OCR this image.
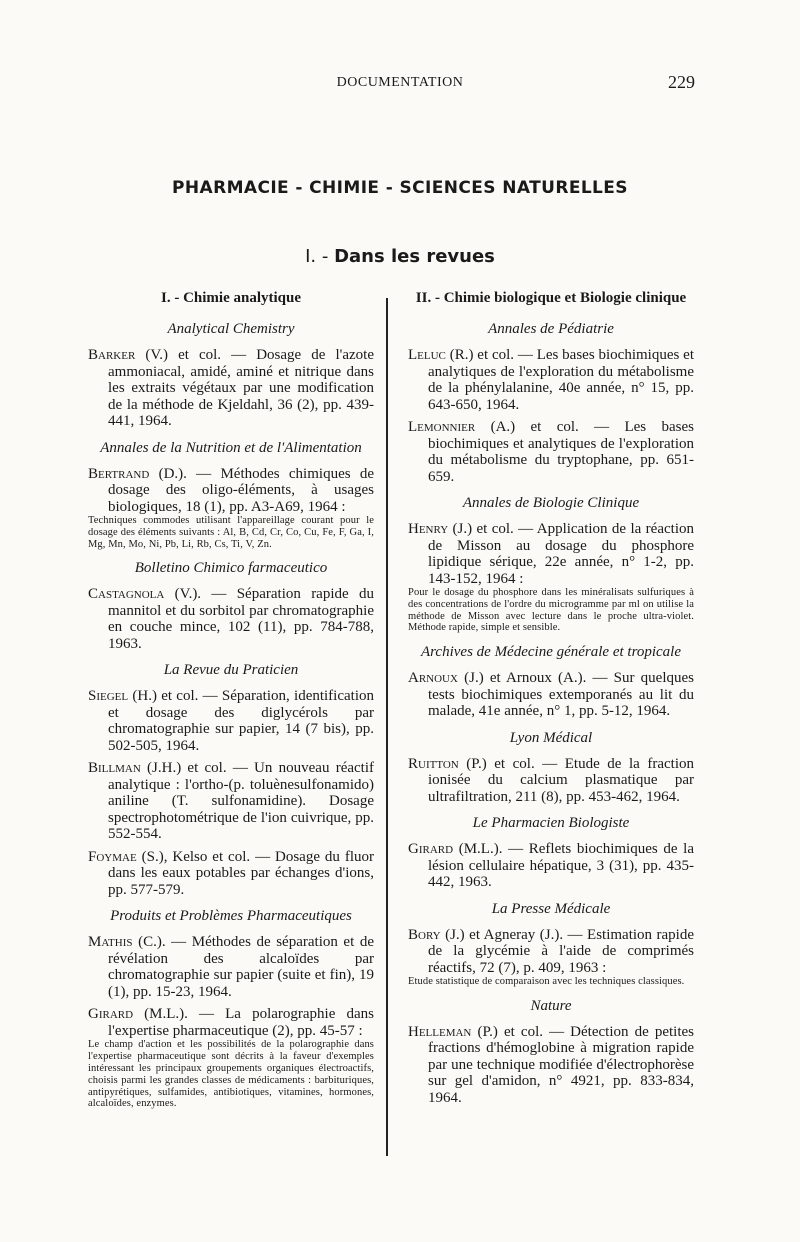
DOCUMENTATION	229
PHARMACIE - CHIMIE - SCIENCES NATURELLES
I. - Dans les revues
I. - Chimie analytique
Analytical Chemistry
Barker (V.) et col. — Dosage de l'azote ammoniacal, amidé, aminé et nitrique dans les extraits végétaux par une modification de la méthode de Kjeldahl, 36 (2), pp. 439-441, 1964.
Annales de la Nutrition et de l'Alimentation
Bertrand (D.). — Méthodes chimiques de dosage des oligo-éléments, à usages biologiques, 18 (1), pp. A3-A69, 1964 :
Techniques commodes utilisant l'appareillage courant pour le dosage des éléments suivants : Al, B, Cd, Cr, Co, Cu, Fe, F, Ga, I, Mg, Mn, Mo, Ni, Pb, Li, Rb, Cs, Ti, V, Zn.
Bolletino Chimico farmaceutico
Castagnola (V.). — Séparation rapide du mannitol et du sorbitol par chromatographie en couche mince, 102 (11), pp. 784-788, 1963.
La Revue du Praticien
Siegel (H.) et col. — Séparation, identification et dosage des diglycérols par chromatographie sur papier, 14 (7 bis), pp. 502-505, 1964.
Billman (J.H.) et col. — Un nouveau réactif analytique : l'ortho-(p. toluènesulfonamido) aniline (T. sulfonamidine). Dosage spectrophotométrique de l'ion cuivrique, pp. 552-554.
Foymae (S.), Kelso et col. — Dosage du fluor dans les eaux potables par échanges d'ions, pp. 577-579.
Produits et Problèmes Pharmaceutiques
Mathis (C.). — Méthodes de séparation et de révélation des alcaloïdes par chromatographie sur papier (suite et fin), 19 (1), pp. 15-23, 1964.
Girard (M.L.). — La polarographie dans l'expertise pharmaceutique (2), pp. 45-57 :
Le champ d'action et les possibilités de la polarographie dans l'expertise pharmaceutique sont décrits à la faveur d'exemples intéressant les principaux groupements organiques électroactifs, choisis parmi les grandes classes de médicaments : barbituriques, antipyrétiques, sulfamides, antibiotiques, vitamines, hormones, alcaloïdes, enzymes.
II. - Chimie biologique et Biologie clinique
Annales de Pédiatrie
Leluc (R.) et col. — Les bases biochimiques et analytiques de l'exploration du métabolisme de la phénylalanine, 40e année, n° 15, pp. 643-650, 1964.
Lemonnier (A.) et col. — Les bases biochimiques et analytiques de l'exploration du métabolisme du tryptophane, pp. 651-659.
Annales de Biologie Clinique
Henry (J.) et col. — Application de la réaction de Misson au dosage du phosphore lipidique sérique, 22e année, n° 1-2, pp. 143-152, 1964 :
Pour le dosage du phosphore dans les minéralisats sulfuriques à des concentrations de l'ordre du microgramme par ml on utilise la méthode de Misson avec lecture dans le proche ultra-violet. Méthode rapide, simple et sensible.
Archives de Médecine générale et tropicale
Arnoux (J.) et Arnoux (A.). — Sur quelques tests biochimiques extemporanés au lit du malade, 41e année, n° 1, pp. 5-12, 1964.
Lyon Médical
Ruitton (P.) et col. — Etude de la fraction ionisée du calcium plasmatique par ultrafiltration, 211 (8), pp. 453-462, 1964.
Le Pharmacien Biologiste
Girard (M.L.). — Reflets biochimiques de la lésion cellulaire hépatique, 3 (31), pp. 435-442, 1963.
La Presse Médicale
Bory (J.) et Agneray (J.). — Estimation rapide de la glycémie à l'aide de comprimés réactifs, 72 (7), p. 409, 1963 :
Etude statistique de comparaison avec les techniques classiques.
Nature
Helleman (P.) et col. — Détection de petites fractions d'hémoglobine à migration rapide par une technique modifiée d'électrophorèse sur gel d'amidon, n° 4921, pp. 833-834, 1964.
